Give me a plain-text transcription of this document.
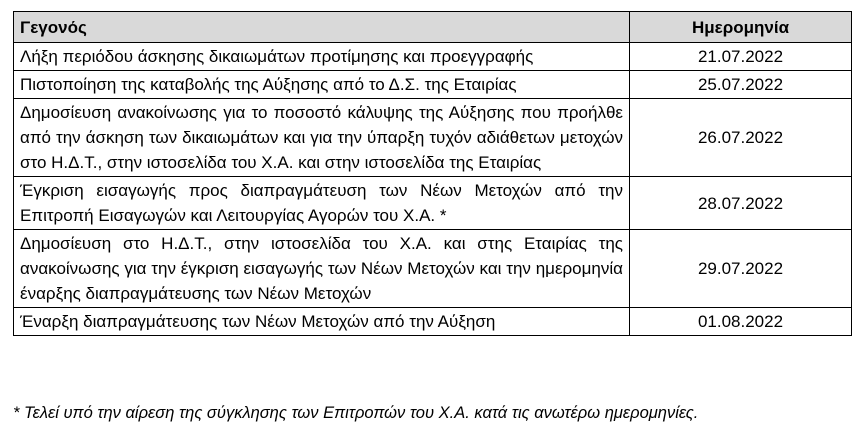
Γεγονός	Ημερομηνία
Λήξη περιόδου άσκησης δικαιωμάτων προτίμησης και προεγγραφής	21.07.2022
Πιστοποίηση της καταβολής της Αύξησης από το Δ.Σ. της Εταιρίας	25.07.2022
Δημοσίευση ανακοίνωσης για το ποσοστό κάλυψης της Αύξησης που προήλθε από την άσκηση των δικαιωμάτων και για την ύπαρξη τυχόν αδιάθετων μετοχών στο Η.Δ.Τ., στην ιστοσελίδα του Χ.Α. και στην ιστοσελίδα της Εταιρίας	26.07.2022
Έγκριση εισαγωγής προς διαπραγμάτευση των Νέων Μετοχών από την Επιτροπή Εισαγωγών και Λειτουργίας Αγορών του Χ.Α. *	28.07.2022
Δημοσίευση στο Η.Δ.Τ., στην ιστοσελίδα του Χ.Α. και στης Εταιρίας της ανακοίνωσης για την έγκριση εισαγωγής των Νέων Μετοχών και την ημερομηνία έναρξης διαπραγμάτευσης των Νέων Μετοχών	29.07.2022
Έναρξη διαπραγμάτευσης των Νέων Μετοχών από την Αύξηση	01.08.2022
* Τελεί υπό την αίρεση της σύγκλησης των Επιτροπών του Χ.Α. κατά τις ανωτέρω ημερομηνίες.
